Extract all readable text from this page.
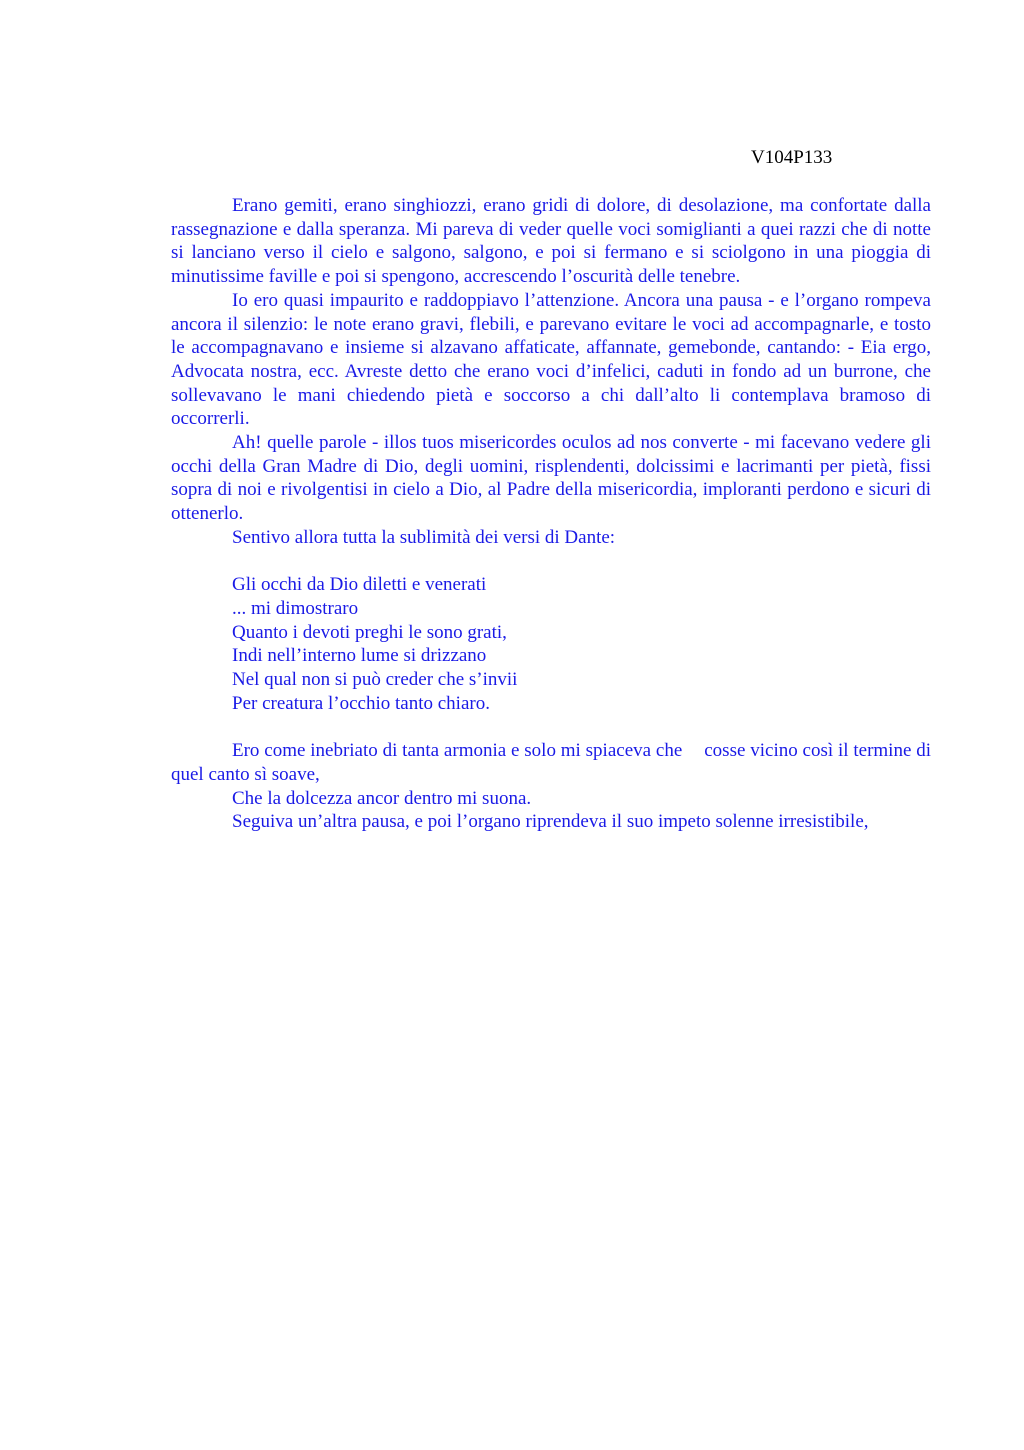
V104P133

Erano gemiti, erano singhiozzi, erano gridi di dolore, di desolazione, ma confortate dalla rassegnazione e dalla speranza. Mi pareva di veder quelle voci somiglianti a quei razzi che di notte si lanciano verso il cielo e salgono, salgono, e poi si fermano e si sciolgono in una pioggia di minutissime faville e poi si spengono, accrescendo l’oscurità delle tenebre.

Io ero quasi impaurito e raddoppiavo l’attenzione. Ancora una pausa - e l’organo rompeva ancora il silenzio: le note erano gravi, flebili, e parevano evitare le voci ad accompagnarle, e tosto le accompagnavano e insieme si alzavano affaticate, affannate, gemebonde, cantando: - Eia ergo, Advocata nostra, ecc. Avreste detto che erano voci d’infelici, caduti in fondo ad un burrone, che sollevavano le mani chiedendo pietà e soccorso a chi dall’alto li contemplava bramoso di occorrerli.

Ah! quelle parole - illos tuos misericordes oculos ad nos converte - mi facevano vedere gli occhi della Gran Madre di Dio, degli uomini, risplendenti, dolcissimi e lacrimanti per pietà, fissi sopra di noi e rivolgentisi in cielo a Dio, al Padre della misericordia, imploranti perdono e sicuri di ottenerlo.

Sentivo allora tutta la sublimità dei versi di Dante:

Gli occhi da Dio diletti e venerati
... mi dimostraro
Quanto i devoti preghi le sono grati,
Indi nell’interno lume si drizzano
Nel qual non si può creder che s’invii
Per creatura l’occhio tanto chiaro.

Ero come inebriato di tanta armonia e solo mi spiaceva che cosse vicino così il termine di quel canto sì soave,

Che la dolcezza ancor dentro mi suona.

Seguiva un’altra pausa, e poi l’organo riprendeva il suo impeto solenne irresistibile,
